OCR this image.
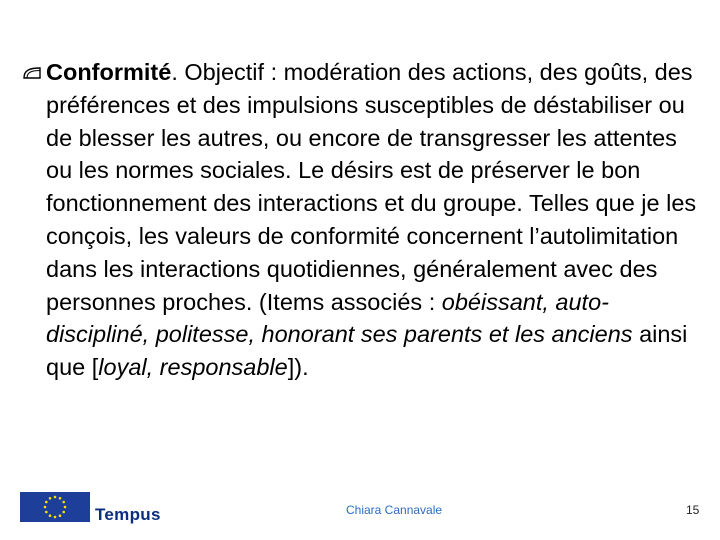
Conformité. Objectif : modération des actions, des goûts, des préférences et des impulsions susceptibles de déstabiliser ou de blesser les autres, ou encore de transgresser les attentes ou les normes sociales. Le désirs est de préserver le bon fonctionnement des interactions et du groupe. Telles que je les conçois, les valeurs de conformité concernent l’autolimitation dans les interactions quotidiennes, généralement avec des personnes proches. (Items associés : obéissant, auto-discipliné, politesse, honorant ses parents et les anciens ainsi que [loyal, responsable]).

Tempus	Chiara Cannavale	15
